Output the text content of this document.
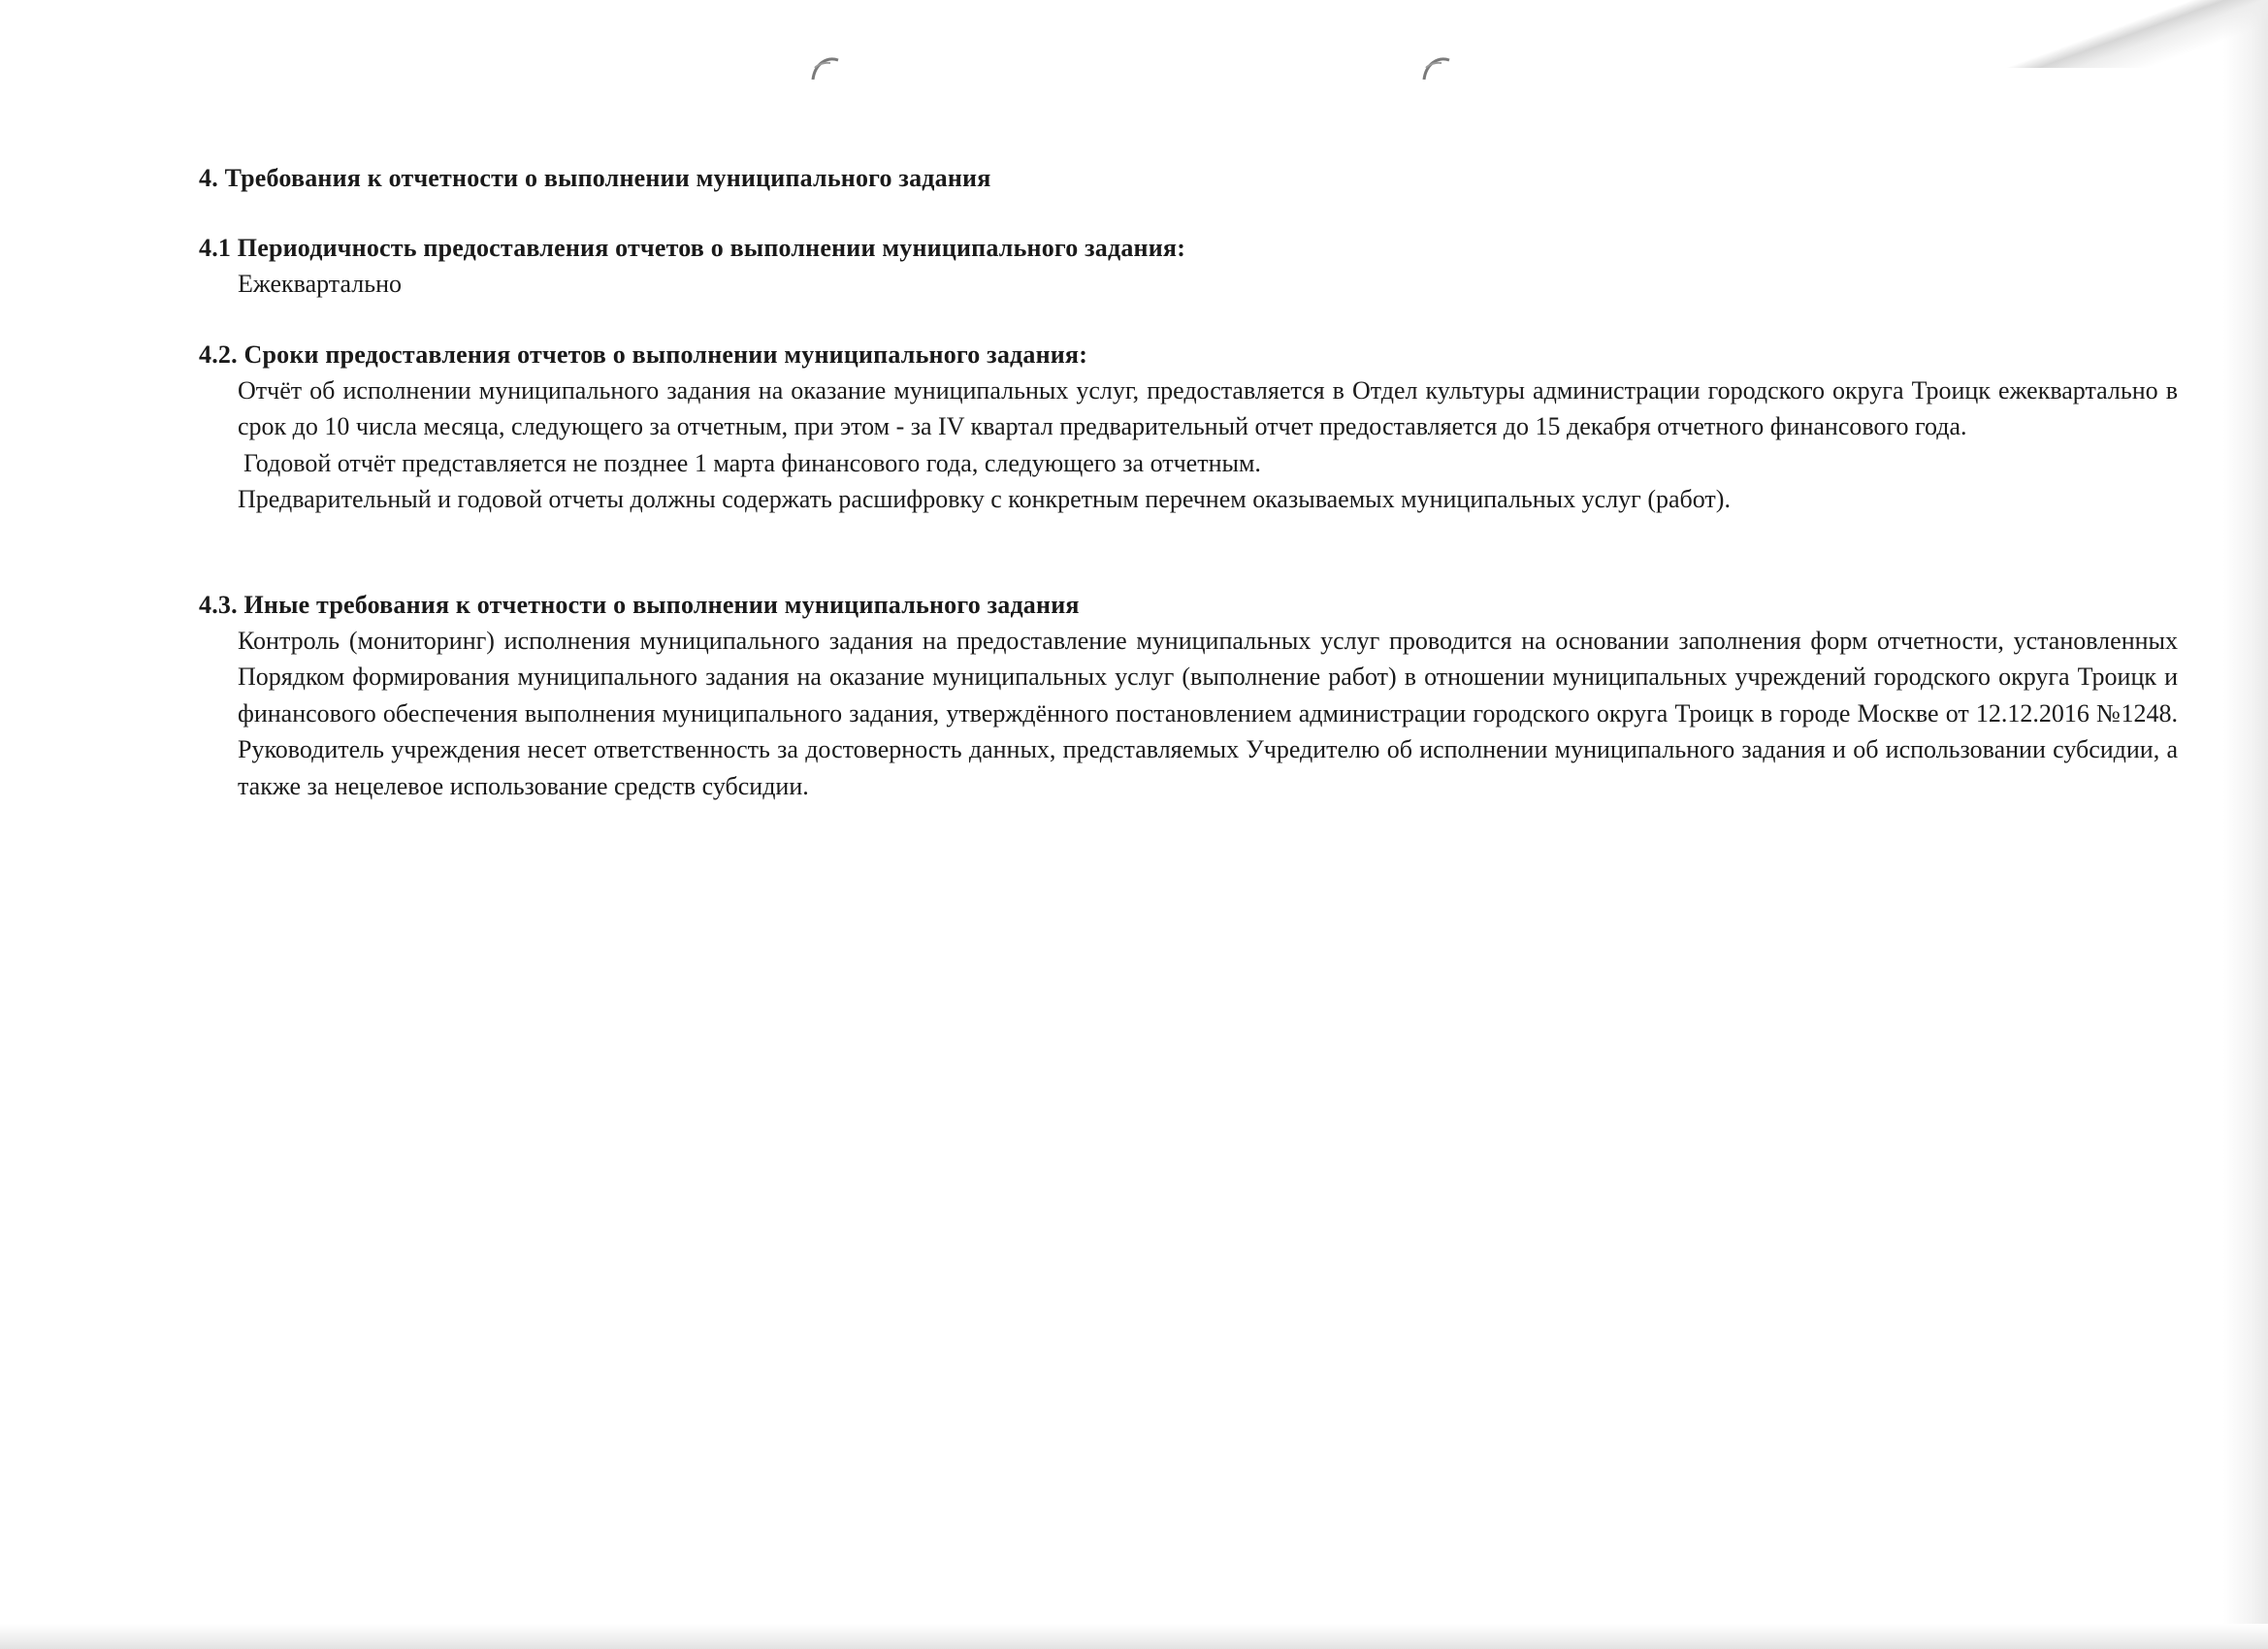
4. Требования к отчетности о выполнении муниципального задания
4.1 Периодичность предоставления отчетов о выполнении муниципального задания:

Ежеквартально

4.2. Сроки предоставления отчетов о выполнении муниципального задания:

Отчёт об исполнении муниципального задания на оказание муниципальных услуг, предоставляется в Отдел культуры администрации городского округа Троицк ежеквартально в срок до 10 числа месяца, следующего за отчетным, при этом - за IV квартал предварительный отчет предоставляется до 15 декабря отчетного финансового года.

Годовой отчёт представляется не позднее 1 марта финансового года, следующего за отчетным.

Предварительный и годовой отчеты должны содержать расшифровку с конкретным перечнем оказываемых муниципальных услуг (работ).

4.3. Иные требования к отчетности о выполнении муниципального задания

Контроль (мониторинг) исполнения муниципального задания на предоставление муниципальных услуг проводится на основании заполнения форм отчетности, установленных Порядком формирования муниципального задания на оказание муниципальных услуг (выполнение работ) в отношении муниципальных учреждений городского округа Троицк и финансового обеспечения выполнения муниципального задания, утверждённого постановлением администрации городского округа Троицк в городе Москве от 12.12.2016 №1248. Руководитель учреждения несет ответственность за достоверность данных, представляемых Учредителю об исполнении муниципального задания и об использовании субсидии, а также за нецелевое использование средств субсидии.
